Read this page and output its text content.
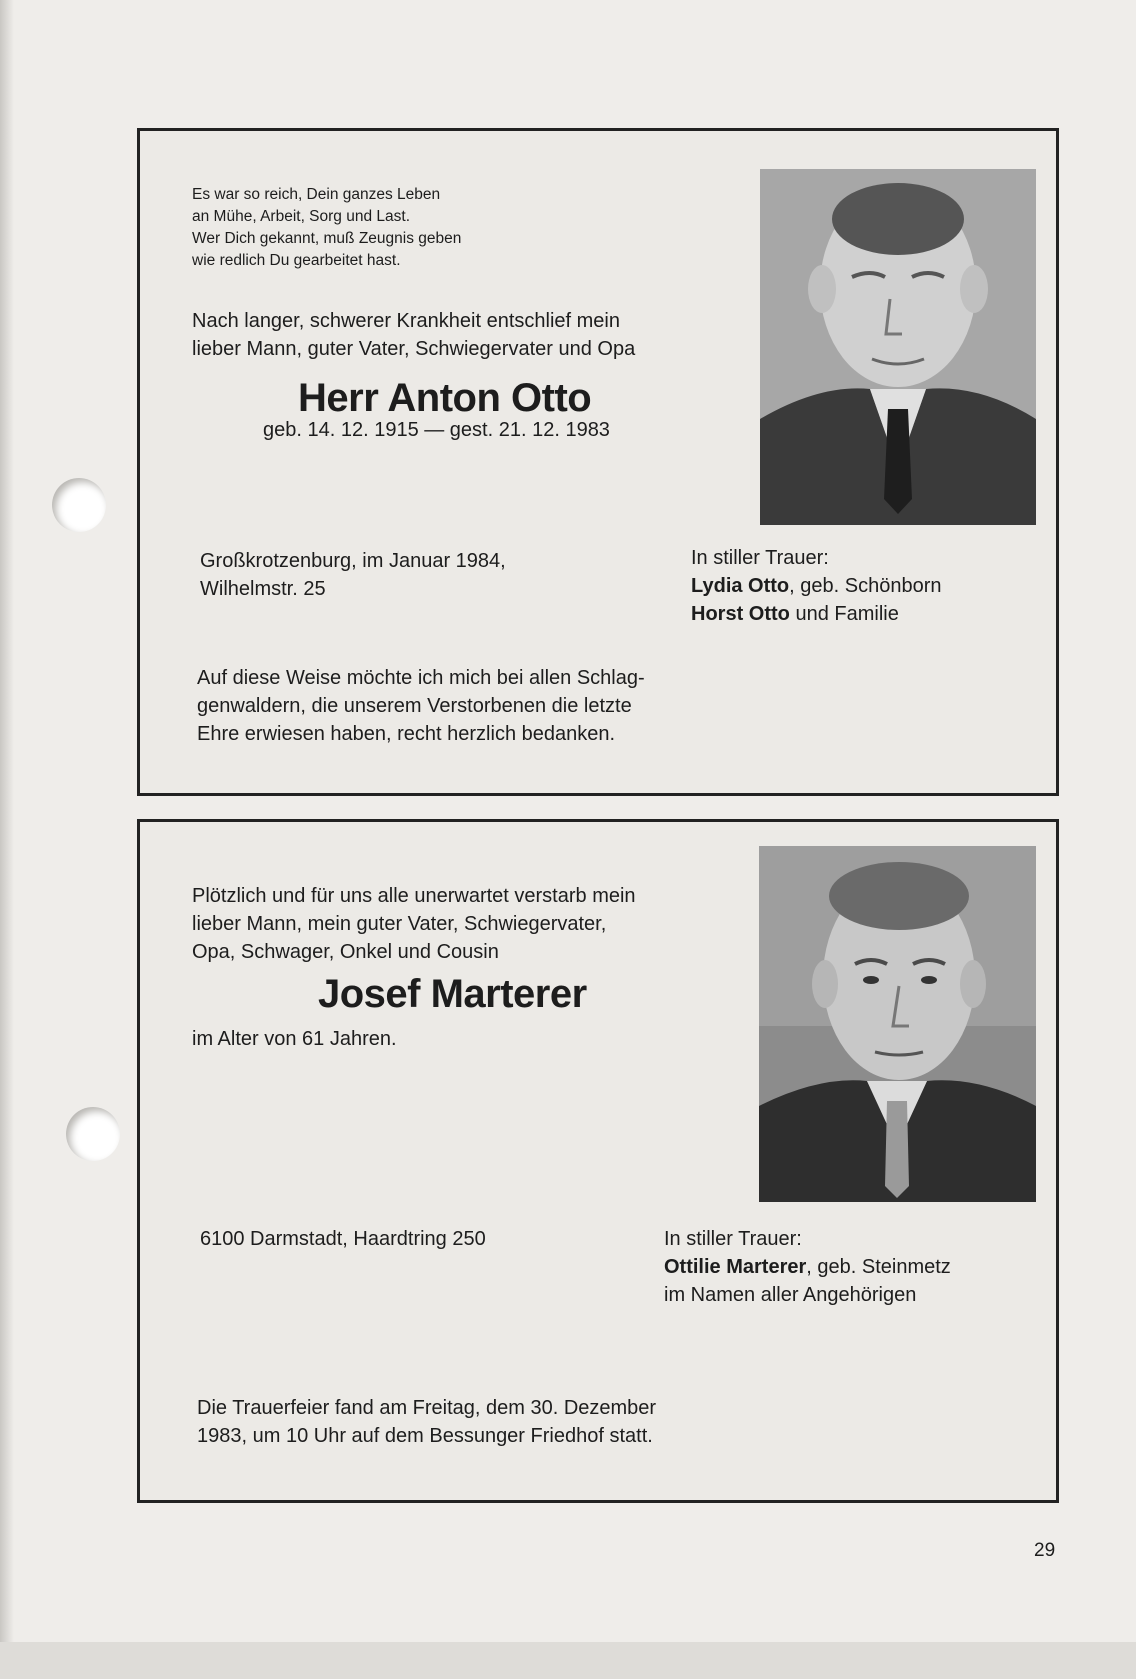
Es war so reich, Dein ganzes Leben
an Mühe, Arbeit, Sorg und Last.
Wer Dich gekannt, muß Zeugnis geben
wie redlich Du gearbeitet hast.
Nach langer, schwerer Krankheit entschlief mein
lieber Mann, guter Vater, Schwiegervater und Opa
Herr Anton Otto
geb. 14. 12. 1915 — gest. 21. 12. 1983
Großkrotzenburg, im Januar 1984,
Wilhelmstr. 25
In stiller Trauer:
Lydia Otto, geb. Schönborn
Horst Otto und Familie
Auf diese Weise möchte ich mich bei allen Schlag-
genwaldern, die unserem Verstorbenen die letzte
Ehre erwiesen haben, recht herzlich bedanken.
Plötzlich und für uns alle unerwartet verstarb mein
lieber Mann, mein guter Vater, Schwiegervater,
Opa, Schwager, Onkel und Cousin
Josef Marterer
im Alter von 61 Jahren.
6100 Darmstadt, Haardtring 250	In stiller Trauer:
Ottilie Marterer, geb. Steinmetz
im Namen aller Angehörigen
Die Trauerfeier fand am Freitag, dem 30. Dezember
1983, um 10 Uhr auf dem Bessunger Friedhof statt.
29
